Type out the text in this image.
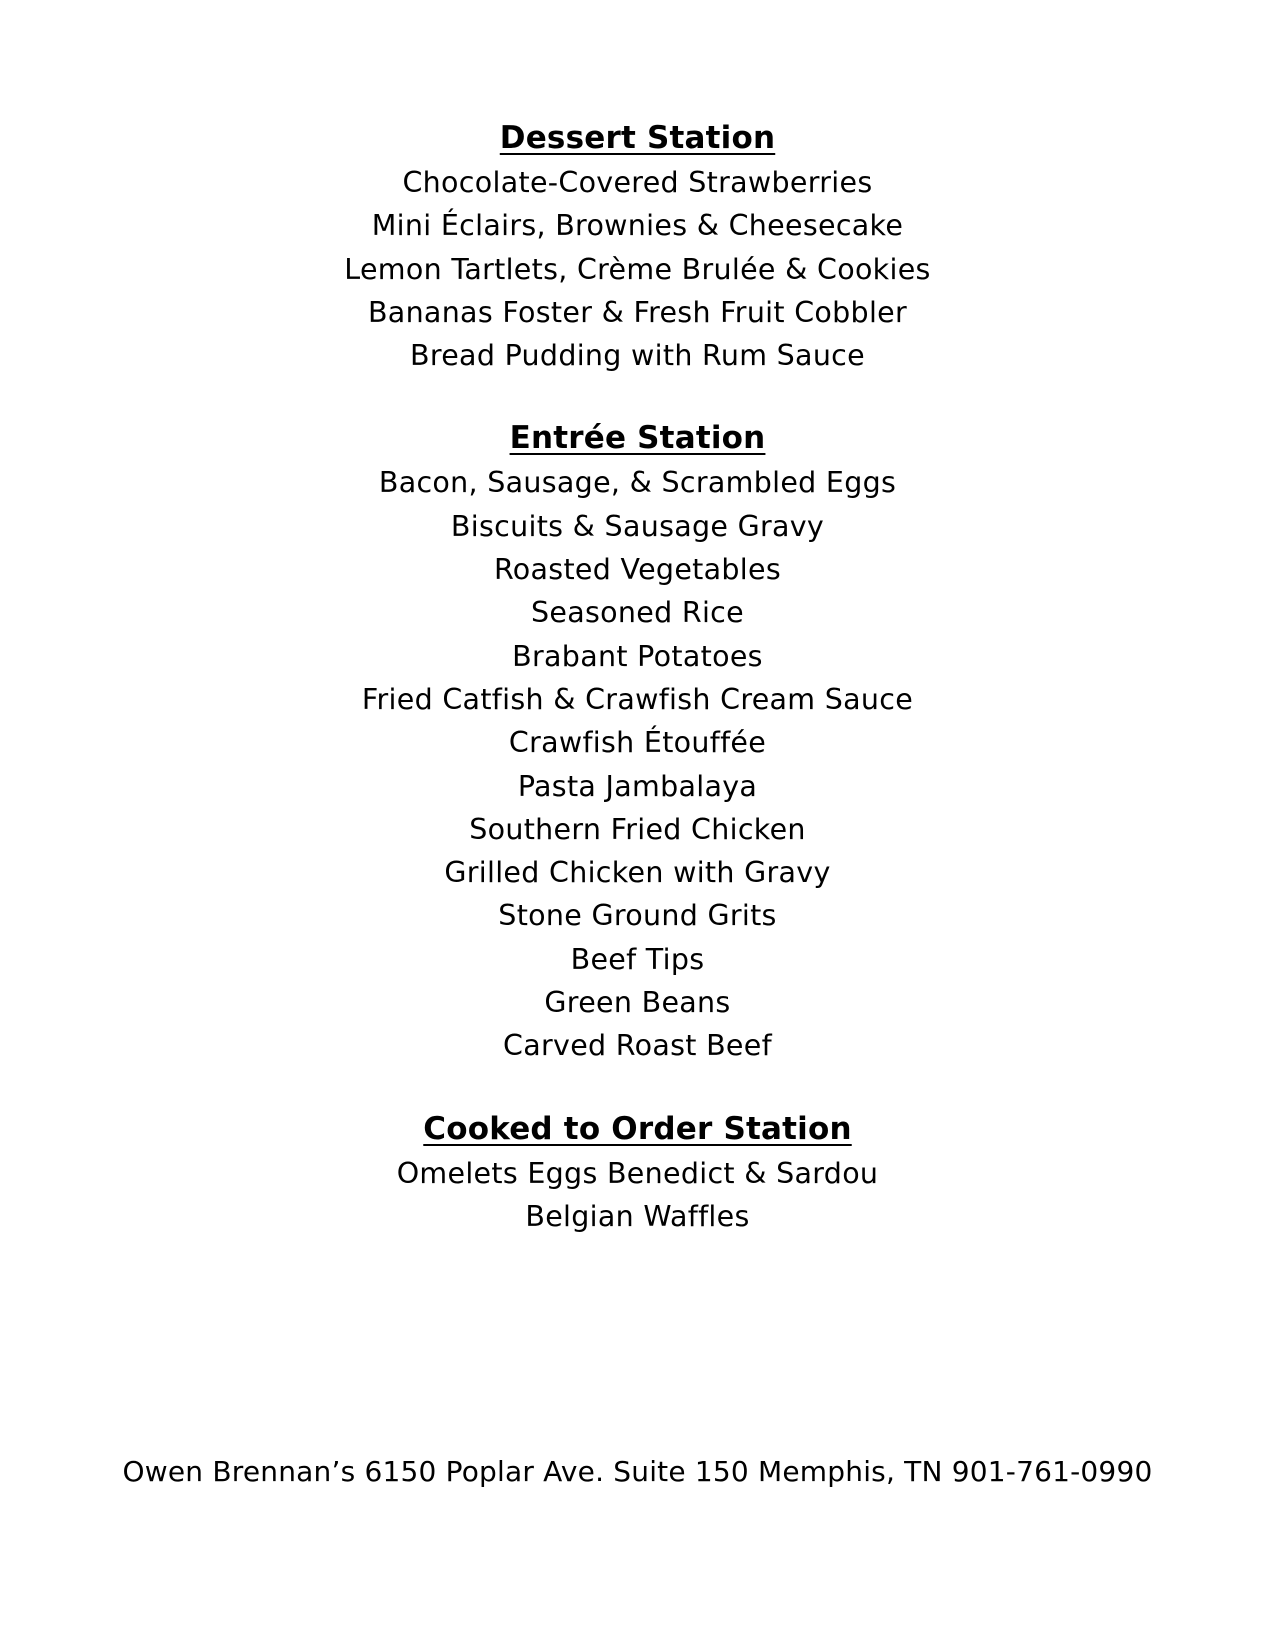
Dessert Station
Chocolate-Covered Strawberries
Mini Éclairs, Brownies & Cheesecake
Lemon Tartlets, Crème Brulée & Cookies
Bananas Foster & Fresh Fruit Cobbler
Bread Pudding with Rum Sauce
Entrée Station
Bacon, Sausage, & Scrambled Eggs
Biscuits & Sausage Gravy
Roasted Vegetables
Seasoned Rice
Brabant Potatoes
Fried Catfish & Crawfish Cream Sauce
Crawfish Étouffée
Pasta Jambalaya
Southern Fried Chicken
Grilled Chicken with Gravy
Stone Ground Grits
Beef Tips
Green Beans
Carved Roast Beef
Cooked to Order Station
Omelets Eggs Benedict & Sardou
Belgian Waffles
Owen Brennan’s 6150 Poplar Ave. Suite 150 Memphis, TN 901-761-0990
